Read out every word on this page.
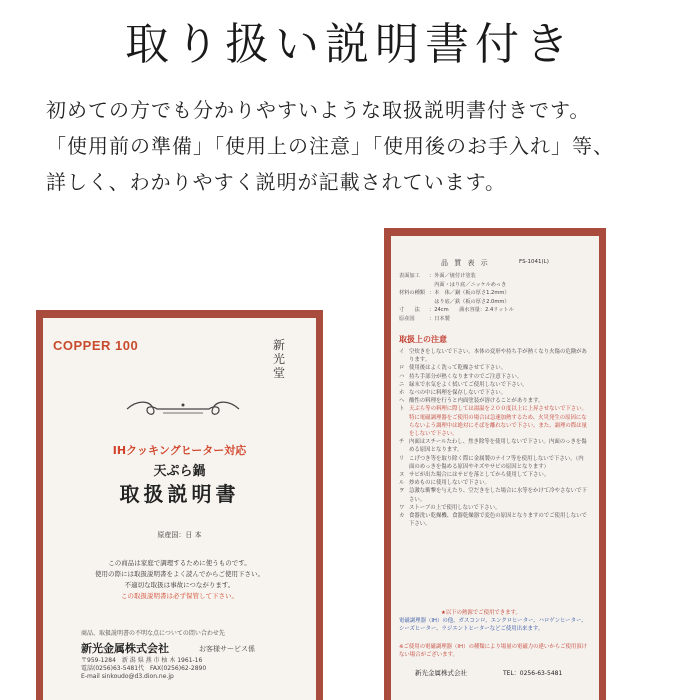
取り扱い説明書付き

初めての方でも分かりやすいような取扱説明書付きです。

「使用前の準備」「使用上の注意」「使用後のお手入れ」等、

詳しく、わかりやすく説明が記載されています。

COPPER 100	新光堂
IHクッキングヒーター対応
天ぷら鍋
取扱説明書
原産国：日 本
この商品は家庭で調理するために使うものです。
使用の際には取扱説明書をよく読んでからご使用下さい。
不適切な取扱は事故につながります。
この取扱説明書は必ず保管して下さい。
商品、取扱説明書の不明な点についての問い合わせ先
新光金属株式会社	お客様サービス係
〒959-1284　新 潟 県 燕 市 杣 木 1961-16
電話(0256)63-5481代　FAX(0256)62-2890
E-mail sinkoudo@d3.dion.ne.jp
品 質 表 示	FS-1041(L)
表面加工 ：外面／焼付け塗装
　内面・はり底／ニッケルめっき
材料の種類 ：本　体／銅（板の厚さ1.2mm）
　はり底／鉄（板の厚さ2.0mm）
寸　　法 ：24cm　　満水容量：2.4リットル
原産国	：日本製
取扱上の注意
イ 空炊きをしないで下さい。本体の変形や持ち手が熱くなり火傷の危険があります。
ロ 使用後はよく洗って乾燥させて下さい。
ハ 持ち手部分が熱くなりますのでご注意下さい。
ニ 緑末で水気をよく拭いてご使用しないで下さい。
ホ なべの中に料理を保存しないで下さい。
ヘ 酸性の料理を行うと内面塗装が溶けることがあります。
ト 天ぷら等の料理に際しては湯温を２００度以上に上昇させないで下さい。特に電磁調理器をご使用の場合は急速加熱するため、火災発生の原因にならないよう調理中は絶対にそばを離れないで下さい。また、調理の際は量をしないで下さい。
チ 内面はスチールたわし、焦き除等を使用しないで下さい。内面のっきを傷める原因となります。
リ こげつき等を取り除く際に金属製のナイフ等を使用しないで下さい。（内面のめっきを傷める原因やキズやサビの原因となります）
ヌ サビが出た場合にはサビを落としてから使用して下さい。
ル 炒めものに使用しないで下さい。
ヲ 急激な衝撃を与えたり、空だきをした場合に水等をかけて冷やさないで下さい。
ワ ストーブの上で使用しないで下さい。
カ 食器洗い乾燥機、食器乾燥器で変色の原因となりますのでご使用しないで下さい。
★以下の熱源でご使用できます。
電磁調理器（IH）の他、ガスコンロ、エンクロヒーター、ハロゲンヒーター、シーズヒーター、ラジエントヒーターなどご使用出来ます。
※ご使用の電磁調理器（IH）の種類により場量の電磁力の違いからご使用頂けない場合がございます。
新光金属株式会社	TEL：0256-63-5481
